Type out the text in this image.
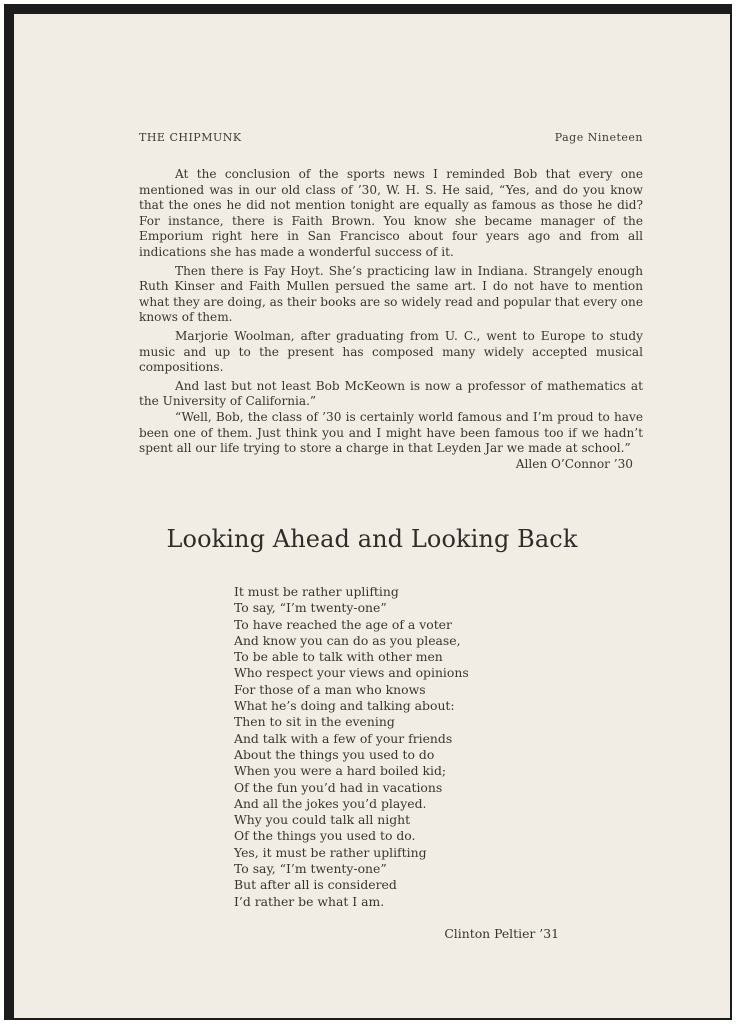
THE CHIPMUNK	Page Nineteen

At the conclusion of the sports news I reminded Bob that every one mentioned was in our old class of ’30, W. H. S. He said, “Yes, and do you know that the ones he did not mention tonight are equally as famous as those he did? For instance, there is Faith Brown. You know she became manager of the Emporium right here in San Francisco about four years ago and from all indications she has made a wonderful success of it.

Then there is Fay Hoyt. She’s practicing law in Indiana. Strangely enough Ruth Kinser and Faith Mullen persued the same art. I do not have to mention what they are doing, as their books are so widely read and popular that every one knows of them.

Marjorie Woolman, after graduating from U. C., went to Europe to study music and up to the present has composed many widely accepted musical compositions.

And last but not least Bob McKeown is now a professor of mathematics at the University of California.”

“Well, Bob, the class of ’30 is certainly world famous and I’m proud to have been one of them. Just think you and I might have been famous too if we hadn’t spent all our life trying to store a charge in that Leyden Jar we made at school.”

Allen O’Connor ’30

Looking Ahead and Looking Back
It must be rather uplifting
To say, “I’m twenty-one”
To have reached the age of a voter
And know you can do as you please,
To be able to talk with other men
Who respect your views and opinions
For those of a man who knows
What he’s doing and talking about:
Then to sit in the evening
And talk with a few of your friends
About the things you used to do
When you were a hard boiled kid;
Of the fun you’d had in vacations
And all the jokes you’d played.
Why you could talk all night
Of the things you used to do.
Yes, it must be rather uplifting
To say, “I’m twenty-one”
But after all is considered
I’d rather be what I am.
Clinton Peltier ’31
